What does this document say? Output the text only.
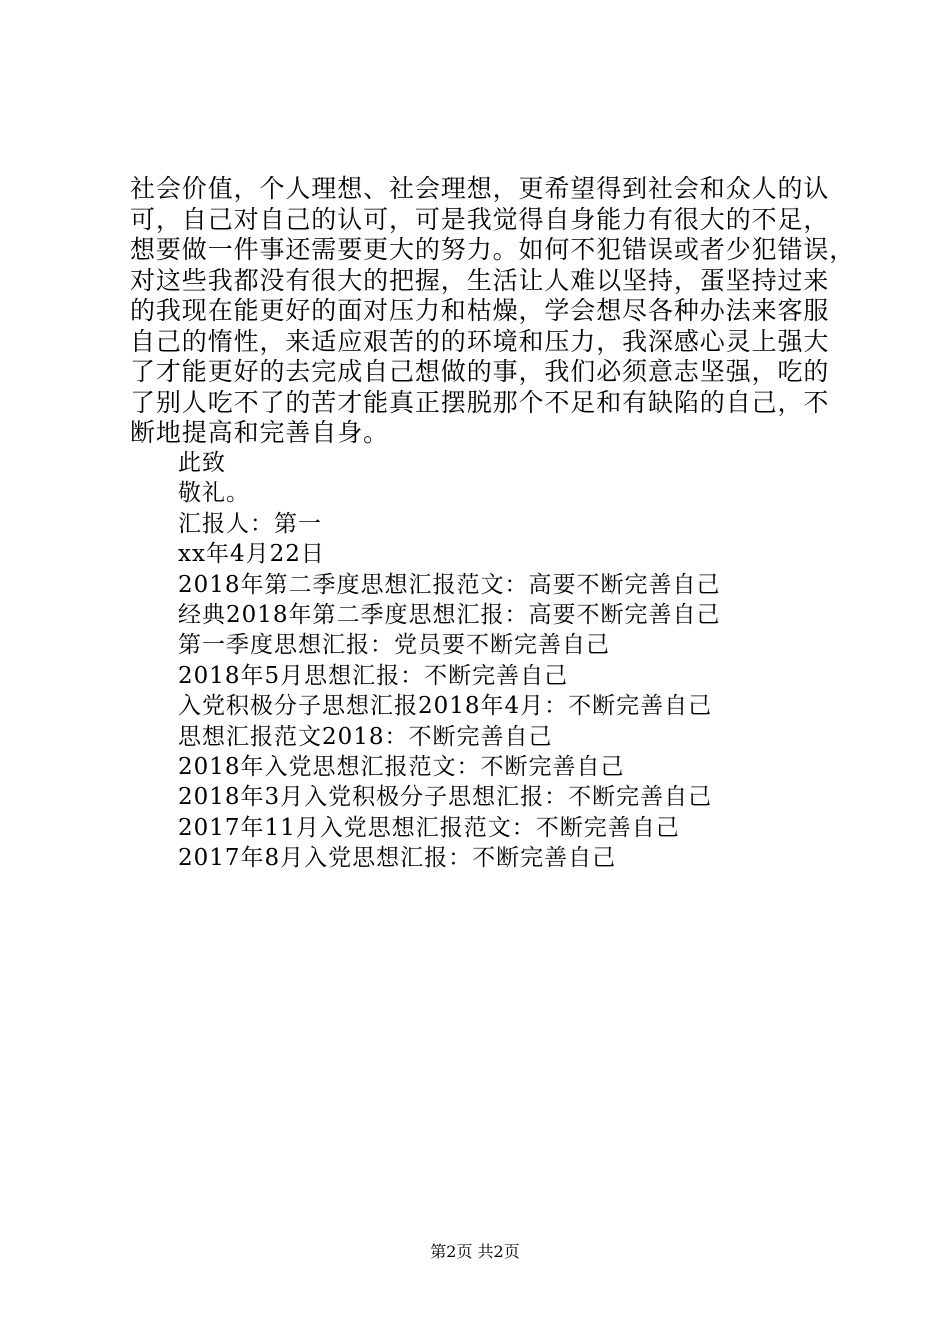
社会价值，个人理想、社会理想，更希望得到社会和众人的认
可，自己对自己的认可，可是我觉得自身能力有很大的不足，
想要做一件事还需要更大的努力。如何不犯错误或者少犯错误，
对这些我都没有很大的把握，生活让人难以坚持，蛋坚持过来
的我现在能更好的面对压力和枯燥，学会想尽各种办法来客服
自己的惰性，来适应艰苦的的环境和压力，我深感心灵上强大
了才能更好的去完成自己想做的事，我们必须意志坚强，吃的
了别人吃不了的苦才能真正摆脱那个不足和有缺陷的自己，不
断地提高和完善自身。
此致
敬礼。
汇报人：第一
xx年4月22日
2018年第二季度思想汇报范文：高要不断完善自己
经典2018年第二季度思想汇报：高要不断完善自己
第一季度思想汇报：党员要不断完善自己
2018年5月思想汇报：不断完善自己
入党积极分子思想汇报2018年4月：不断完善自己
思想汇报范文2018：不断完善自己
2018年入党思想汇报范文：不断完善自己
2018年3月入党积极分子思想汇报：不断完善自己
2017年11月入党思想汇报范文：不断完善自己
2017年8月入党思想汇报：不断完善自己
第2页 共2页
